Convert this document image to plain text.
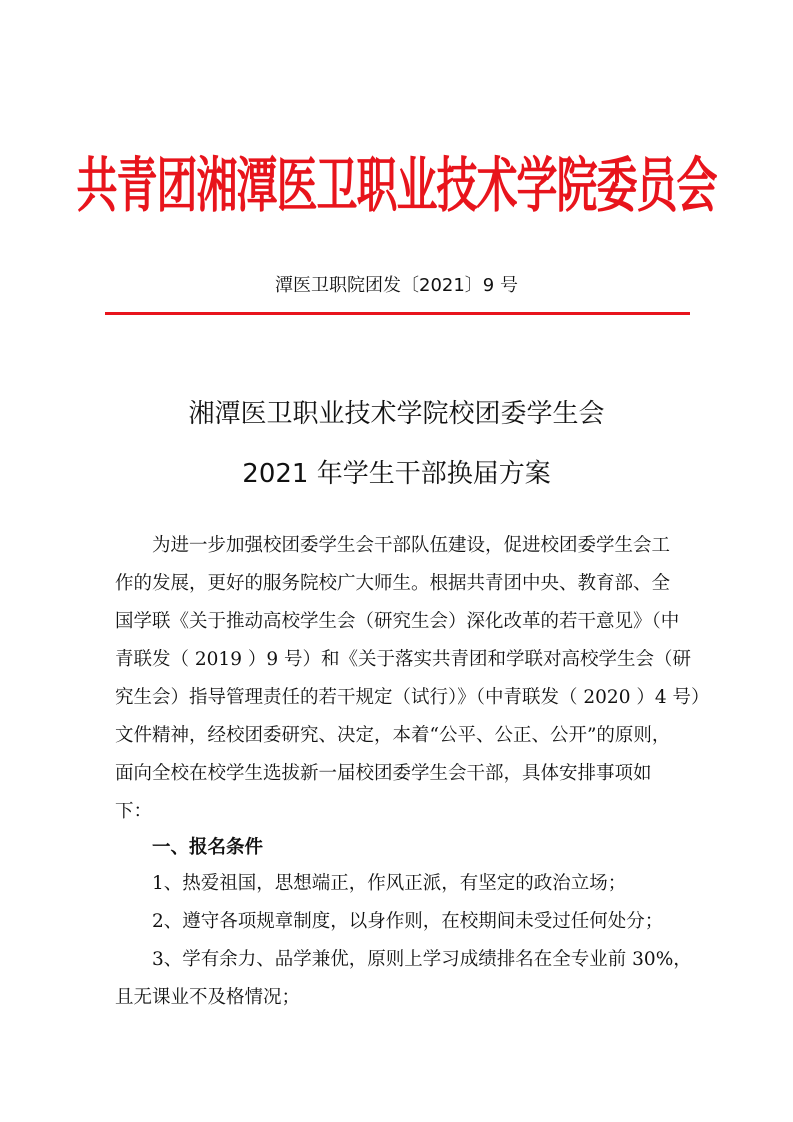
共青团湘潭医卫职业技术学院委员会
潭医卫职院团发〔2021〕9 号
湘潭医卫职业技术学院校团委学生会
2021 年学生干部换届方案
为进一步加强校团委学生会干部队伍建设，促进校团委学生会工
作的发展，更好的服务院校广大师生。根据共青团中央、教育部、全
国学联《关于推动高校学生会（研究生会）深化改革的若干意见》（中
青联发（ 2019 ）9 号）和《关于落实共青团和学联对高校学生会（研
究生会）指导管理责任的若干规定（试行）》（中青联发（ 2020 ）4 号）
文件精神，经校团委研究、决定，本着“公平、公正、公开”的原则，
面向全校在校学生选拔新一届校团委学生会干部，具体安排事项如
下：
一、报名条件
1、热爱祖国，思想端正，作风正派，有坚定的政治立场；
2、遵守各项规章制度，以身作则，在校期间未受过任何处分；
3、学有余力、品学兼优，原则上学习成绩排名在全专业前 30%，
且无课业不及格情况；
